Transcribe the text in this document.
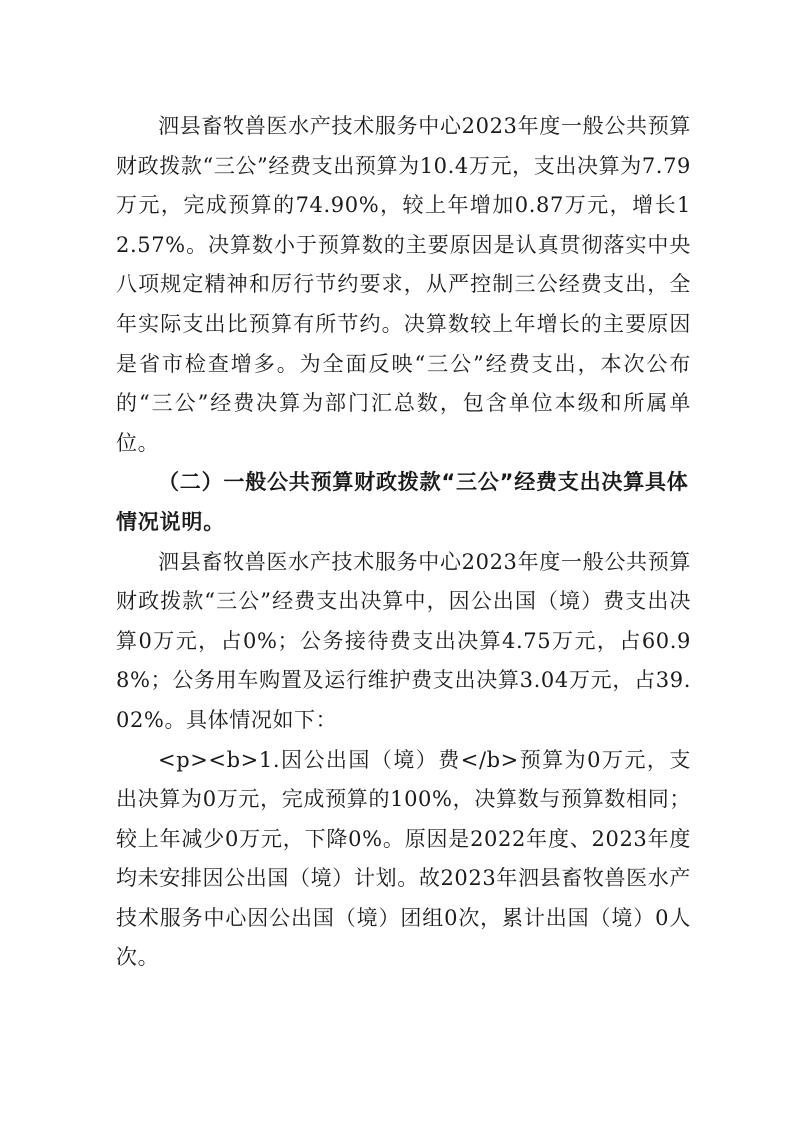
泗县畜牧兽医水产技术服务中心2023年度一般公共预算财政拨款“三公”经费支出预算为10.4万元，支出决算为7.79万元，完成预算的74.90%，较上年增加0.87万元，增长12.57%。决算数小于预算数的主要原因是认真贯彻落实中央八项规定精神和厉行节约要求，从严控制三公经费支出，全年实际支出比预算有所节约。决算数较上年增长的主要原因是省市检查增多。为全面反映“三公”经费支出，本次公布的“三公”经费决算为部门汇总数，包含单位本级和所属单位。

（二）一般公共预算财政拨款“三公”经费支出决算具体情况说明。

泗县畜牧兽医水产技术服务中心2023年度一般公共预算财政拨款“三公”经费支出决算中，因公出国（境）费支出决算0万元，占0%；公务接待费支出决算4.75万元，占60.98%；公务用车购置及运行维护费支出决算3.04万元，占39.02%。具体情况如下：

<p><b>1.因公出国（境）费</b>预算为0万元，支出决算为0万元，完成预算的100%，决算数与预算数相同；较上年减少0万元，下降0%。原因是2022年度、2023年度均未安排因公出国（境）计划。故2023年泗县畜牧兽医水产技术服务中心因公出国（境）团组0次，累计出国（境）0人次。
